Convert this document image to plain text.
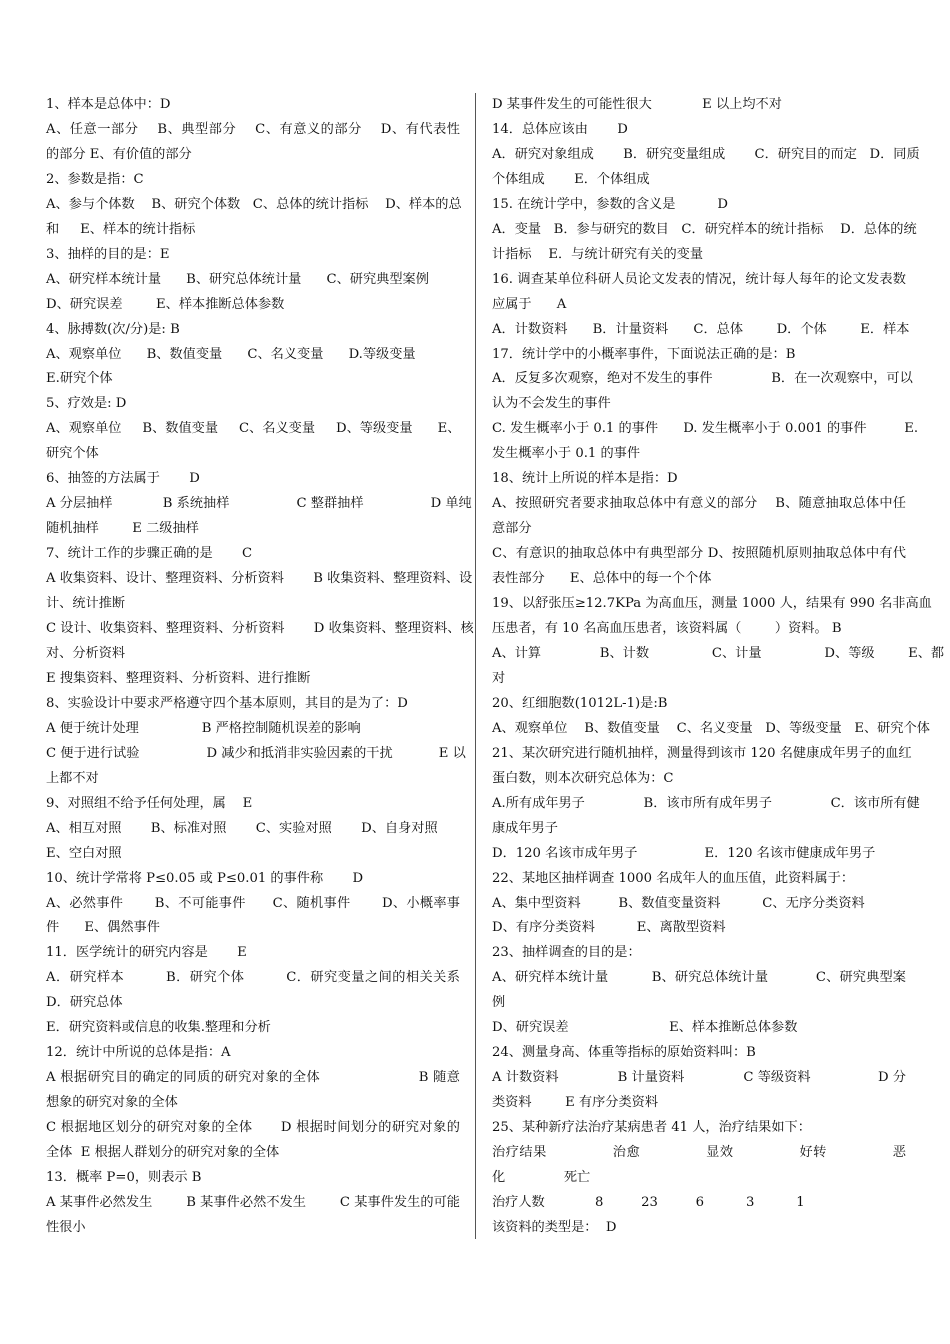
1、样本是总体中：D
A、任意一部分    B、典型部分    C、有意义的部分    D、有代表性
的部分 E、有价值的部分
2、参数是指：C
A、参与个体数    B、研究个体数   C、总体的统计指标    D、样本的总
和     E、样本的统计指标
3、抽样的目的是：E
A、研究样本统计量      B、研究总体统计量      C、研究典型案例
D、研究误差        E、样本推断总体参数
4、脉搏数(次/分)是: B
A、观察单位      B、数值变量      C、名义变量      D.等级变量
E.研究个体
5、疗效是: D
A、观察单位     B、数值变量     C、名义变量     D、等级变量      E、
研究个体
6、抽签的方法属于       D
A 分层抽样            B 系统抽样                C 整群抽样                D 单纯
随机抽样        E 二级抽样
7、统计工作的步骤正确的是       C
A 收集资料、设计、整理资料、分析资料       B 收集资料、整理资料、设
计、统计推断
C 设计、收集资料、整理资料、分析资料       D 收集资料、整理资料、核
对、分析资料
E 搜集资料、整理资料、分析资料、进行推断
8、实验设计中要求严格遵守四个基本原则，其目的是为了：D
A 便于统计处理               B 严格控制随机误差的影响
C 便于进行试验                D 减少和抵消非实验因素的干扰           E 以
上都不对
9、对照组不给予任何处理，属    E
A、相互对照       B、标准对照       C、实验对照       D、自身对照
E、空白对照
10、统计学常将 P≤0.05 或 P≤0.01 的事件称       D
A、必然事件       B、不可能事件      C、随机事件       D、小概率事
件      E、偶然事件
11．医学统计的研究内容是       E
A．研究样本         B．研究个体         C．研究变量之间的相关关系
D．研究总体
E．研究资料或信息的收集.整理和分析
12．统计中所说的总体是指：A
A 根据研究目的确定的同质的研究对象的全体                     B 随意
想象的研究对象的全体
C 根据地区划分的研究对象的全体      D 根据时间划分的研究对象的
全体  E 根据人群划分的研究对象的全体
13．概率 P=0，则表示 B
A 某事件必然发生        B 某事件必然不发生        C 某事件发生的可能
性很小
D 某事件发生的可能性很大            E 以上均不对
14．总体应该由       D
A．研究对象组成       B．研究变量组成       C．研究目的而定   D．同质
个体组成       E．个体组成
15. 在统计学中，参数的含义是          D
A．变量   B．参与研究的数目   C．研究样本的统计指标    D．总体的统
计指标    E．与统计研究有关的变量
16. 调查某单位科研人员论文发表的情况，统计每人每年的论文发表数
应属于      A
A．计数资料      B．计量资料      C．总体        D．个体        E．样本
17．统计学中的小概率事件，下面说法正确的是：B
A．反复多次观察，绝对不发生的事件              B．在一次观察中，可以
认为不会发生的事件
C. 发生概率小于 0.1 的事件      D. 发生概率小于 0.001 的事件         E.
发生概率小于 0.1 的事件
18、统计上所说的样本是指：D
A、按照研究者要求抽取总体中有意义的部分    B、随意抽取总体中任
意部分
C、有意识的抽取总体中有典型部分 D、按照随机原则抽取总体中有代
表性部分      E、总体中的每一个个体
19、以舒张压≥12.7KPa 为高血压，测量 1000 人，结果有 990 名非高血
压患者，有 10 名高血压患者，该资料属（        ）资料。 B
A、计算              B、计数               C、计量               D、等级        E、都
对
20、红细胞数(1012L-1)是:B
A、观察单位    B、数值变量    C、名义变量   D、等级变量   E、研究个体
21、某次研究进行随机抽样，测量得到该市 120 名健康成年男子的血红
蛋白数，则本次研究总体为：C
A.所有成年男子              B．该市所有成年男子              C．该市所有健
康成年男子
D．120 名该市成年男子                E．120 名该市健康成年男子
22、某地区抽样调查 1000 名成年人的血压值，此资料属于：
A、集中型资料         B、数值变量资料          C、无序分类资料
D、有序分类资料          E、离散型资料
23、抽样调查的目的是：
A、研究样本统计量          B、研究总体统计量           C、研究典型案
例
D、研究误差                        E、样本推断总体参数
24、测量身高、体重等指标的原始资料叫：B
A 计数资料              B 计量资料              C 等级资料                D 分
类资料        E 有序分类资料
25、某种新疗法治疗某病患者 41 人，治疗结果如下：
治疗结果              治愈              显效              好转              恶
化              死亡
治疗人数            8         23         6          3          1
该资料的类型是：  D
